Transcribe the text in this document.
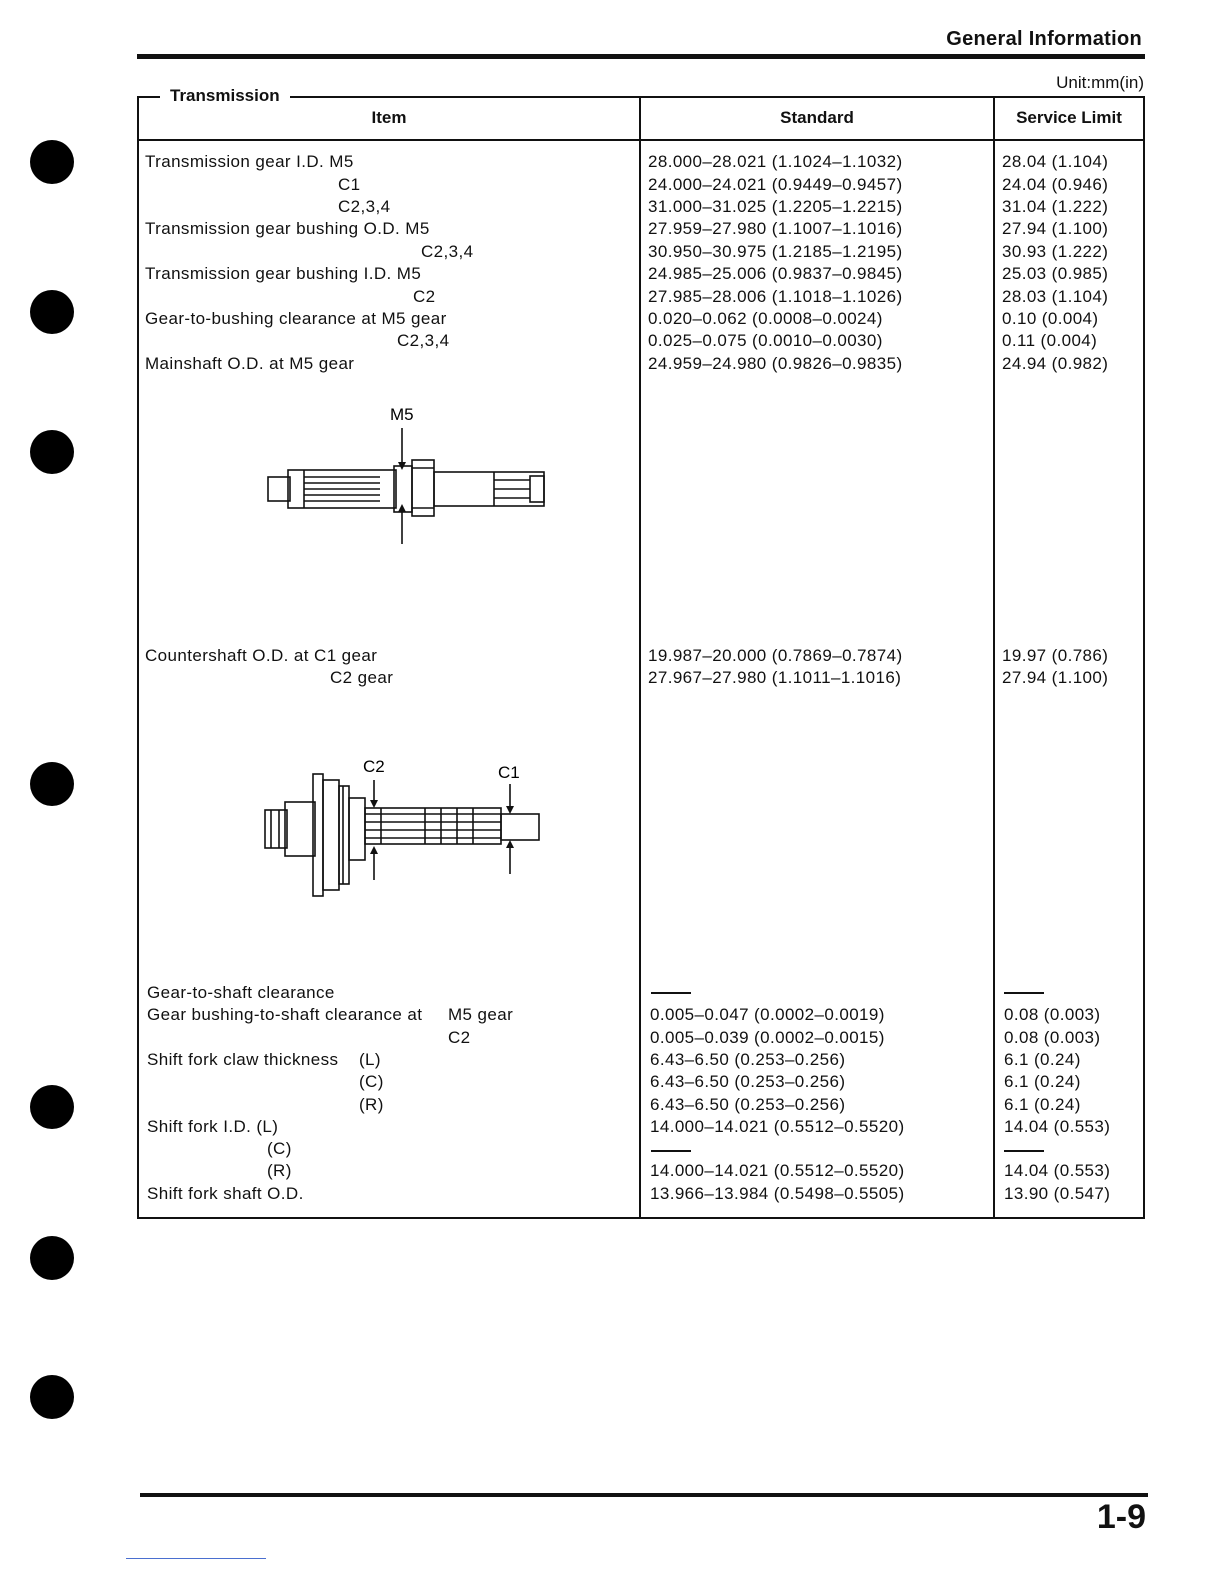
General Information
Unit:mm(in)
Transmission
Item	Standard	Service Limit
Transmission gear I.D. M5	28.000–28.021 (1.1024–1.1032)	28.04 (1.104)
C1	24.000–24.021 (0.9449–0.9457)	24.04 (0.946)
C2,3,4	31.000–31.025 (1.2205–1.2215)	31.04 (1.222)
Transmission gear bushing O.D. M5	27.959–27.980 (1.1007–1.1016)	27.94 (1.100)
C2,3,4	30.950–30.975 (1.2185–1.2195)	30.93 (1.222)
Transmission gear bushing I.D. M5	24.985–25.006 (0.9837–0.9845)	25.03 (0.985)
C2	27.985–28.006 (1.1018–1.1026)	28.03 (1.104)
Gear-to-bushing clearance at M5 gear	0.020–0.062 (0.0008–0.0024)	0.10 (0.004)
C2,3,4	0.025–0.075 (0.0010–0.0030)	0.11 (0.004)
Mainshaft O.D. at M5 gear	24.959–24.980 (0.9826–0.9835)	24.94 (0.982)
M5
Countershaft O.D. at C1 gear	19.987–20.000 (0.7869–0.7874)	19.97 (0.786)
C2 gear	27.967–27.980 (1.1011–1.1016)	27.94 (1.100)
C2	C1
Gear-to-shaft clearance
Gear bushing-to-shaft clearance at M5 gear	0.005–0.047 (0.0002–0.0019)	0.08 (0.003)
C2	0.005–0.039 (0.0002–0.0015)	0.08 (0.003)
Shift fork claw thickness (L)	6.43–6.50 (0.253–0.256)	6.1 (0.24)
(C)	6.43–6.50 (0.253–0.256)	6.1 (0.24)
(R)	6.43–6.50 (0.253–0.256)	6.1 (0.24)
Shift fork I.D. (L)	14.000–14.021 (0.5512–0.5520)	14.04 (0.553)
(C)
(R)	14.000–14.021 (0.5512–0.5520)	14.04 (0.553)
Shift fork shaft O.D.	13.966–13.984 (0.5498–0.5505)	13.90 (0.547)
1-9
